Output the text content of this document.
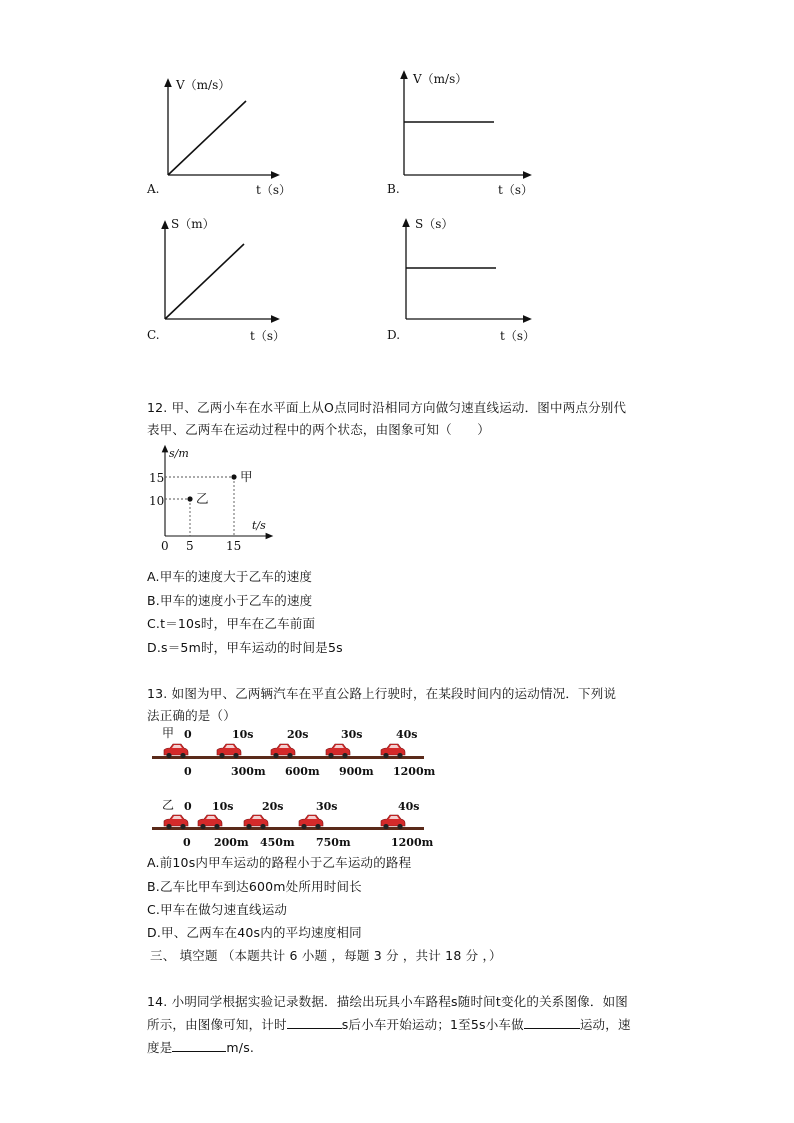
V（m/s）
t（s）
A.
V（m/s）
t（s）
B.
S（m）
t（s）
C.
S（s）
t（s）
D.
12. 甲、乙两小车在水平面上从O点同时沿相同方向做匀速直线运动．图中两点分别代
表甲、乙两车在运动过程中的两个状态，由图象可知（　　）
s/m
t/s
0 5	15
10
15	甲
乙
A.甲车的速度大于乙车的速度
B.甲车的速度小于乙车的速度
C.t＝10s时，甲车在乙车前面
D.s＝5m时，甲车运动的时间是5s
13. 如图为甲、乙两辆汽车在平直公路上行驶时，在某段时间内的运动情况．下列说
法正确的是（）
甲
乙
0	10s	20s	30s	40s
0	300m 600m 900m 1200m
0 10s	20s	30s	40s
0 200m 450m 750m	1200m
A.前10s内甲车运动的路程小于乙车运动的路程
B.乙车比甲车到达600m处所用时间长
C.甲车在做匀速直线运动
D.甲、乙两车在40s内的平均速度相同
三、 填空题 （本题共计 6 小题 ，每题 3 分 ，共计 18 分 ，）
14. 小明同学根据实验记录数据．描绘出玩具小车路程s随时间t变化的关系图像．如图
所示，由图像可知，计时	s后小车开始运动；1至5s小车做	运动，速
度是	m/s.
